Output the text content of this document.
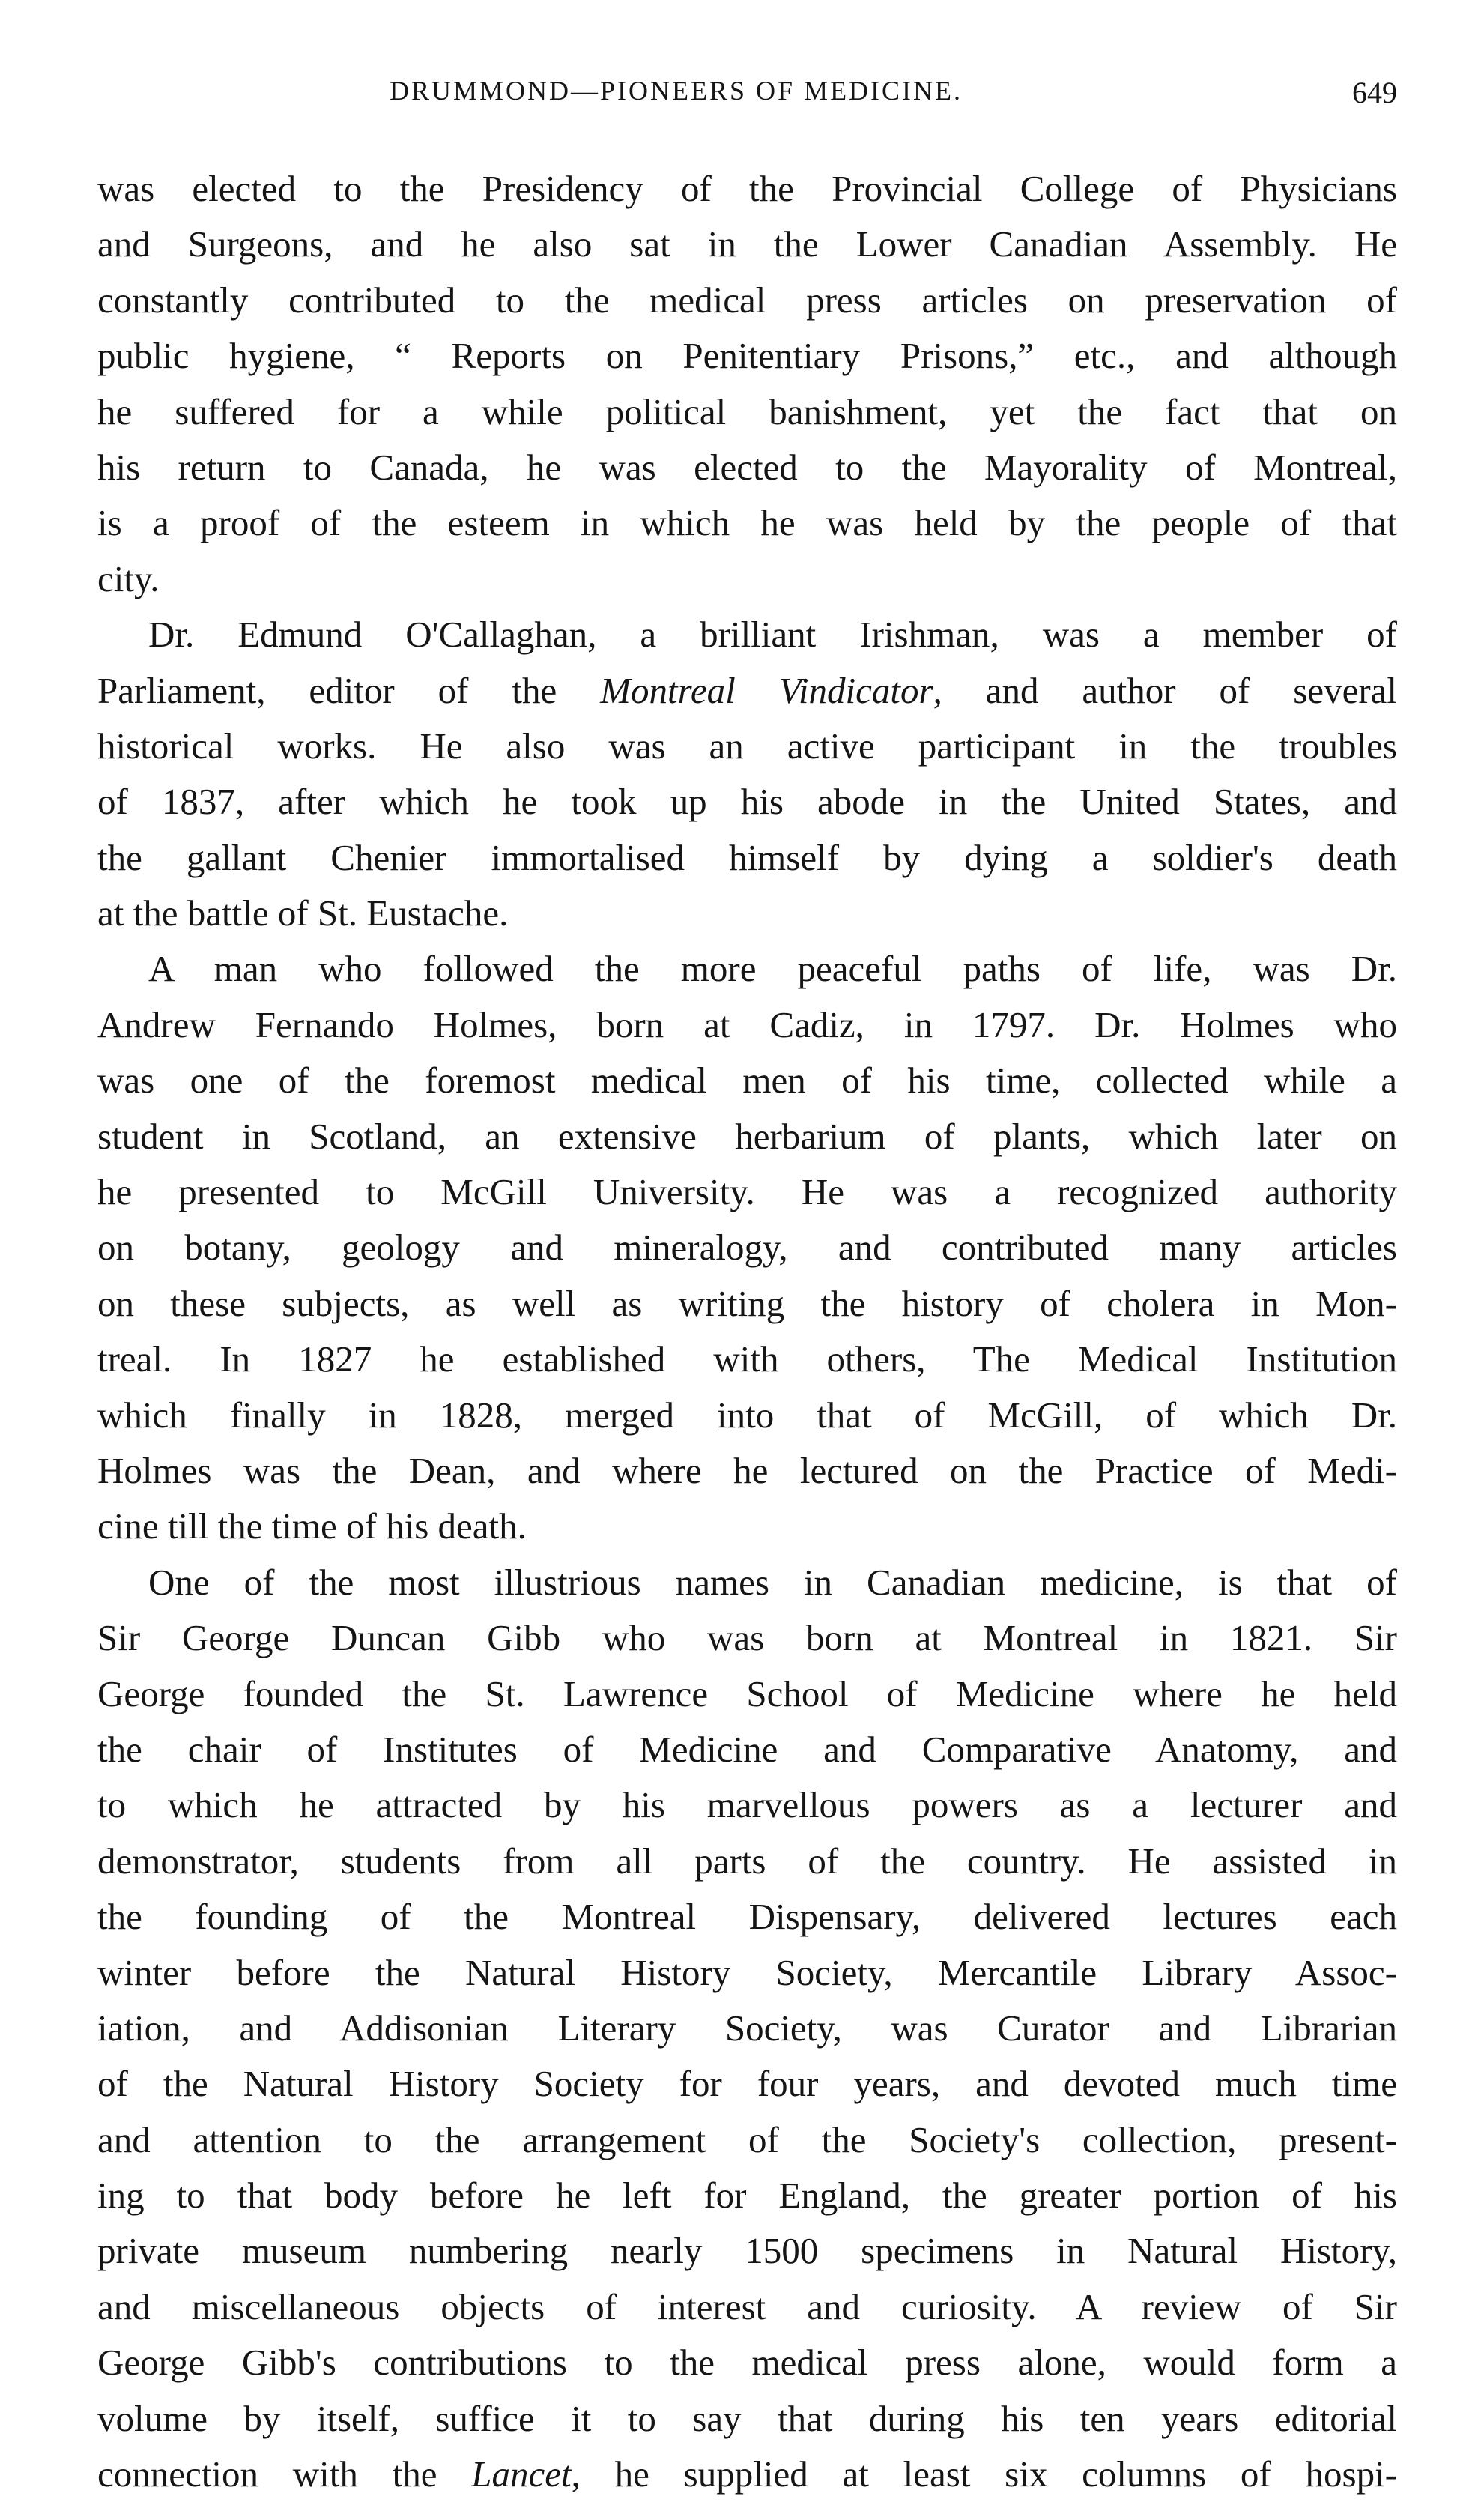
DRUMMOND—PIONEERS OF MEDICINE.	649
was elected to the Presidency of the Provincial College of Physicians
and Surgeons, and he also sat in the Lower Canadian Assembly. He
constantly contributed to the medical press articles on preservation of
public hygiene, “ Reports on Penitentiary Prisons,” etc., and although
he suffered for a while political banishment, yet the fact that on
his return to Canada, he was elected to the Mayorality of Montreal,
is a proof of the esteem in which he was held by the people of that
city.
Dr. Edmund O'Callaghan, a brilliant Irishman, was a member of
Parliament, editor of the Montreal Vindicator, and author of several
historical works. He also was an active participant in the troubles
of 1837, after which he took up his abode in the United States, and
the gallant Chenier immortalised himself by dying a soldier's death
at the battle of St. Eustache.
A man who followed the more peaceful paths of life, was Dr.
Andrew Fernando Holmes, born at Cadiz, in 1797. Dr. Holmes who
was one of the foremost medical men of his time, collected while a
student in Scotland, an extensive herbarium of plants, which later on
he presented to McGill University. He was a recognized authority
on botany, geology and mineralogy, and contributed many articles
on these subjects, as well as writing the history of cholera in Mon-
treal. In 1827 he established with others, The Medical Institution
which finally in 1828, merged into that of McGill, of which Dr.
Holmes was the Dean, and where he lectured on the Practice of Medi-
cine till the time of his death.
One of the most illustrious names in Canadian medicine, is that of
Sir George Duncan Gibb who was born at Montreal in 1821. Sir
George founded the St. Lawrence School of Medicine where he held
the chair of Institutes of Medicine and Comparative Anatomy, and
to which he attracted by his marvellous powers as a lecturer and
demonstrator, students from all parts of the country. He assisted in
the founding of the Montreal Dispensary, delivered lectures each
winter before the Natural History Society, Mercantile Library Assoc-
iation, and Addisonian Literary Society, was Curator and Librarian
of the Natural History Society for four years, and devoted much time
and attention to the arrangement of the Society's collection, present-
ing to that body before he left for England, the greater portion of his
private museum numbering nearly 1500 specimens in Natural History,
and miscellaneous objects of interest and curiosity. A review of Sir
George Gibb's contributions to the medical press alone, would form a
volume by itself, suffice it to say that during his ten years editorial
connection with the Lancet, he supplied at least six columns of hospi-
